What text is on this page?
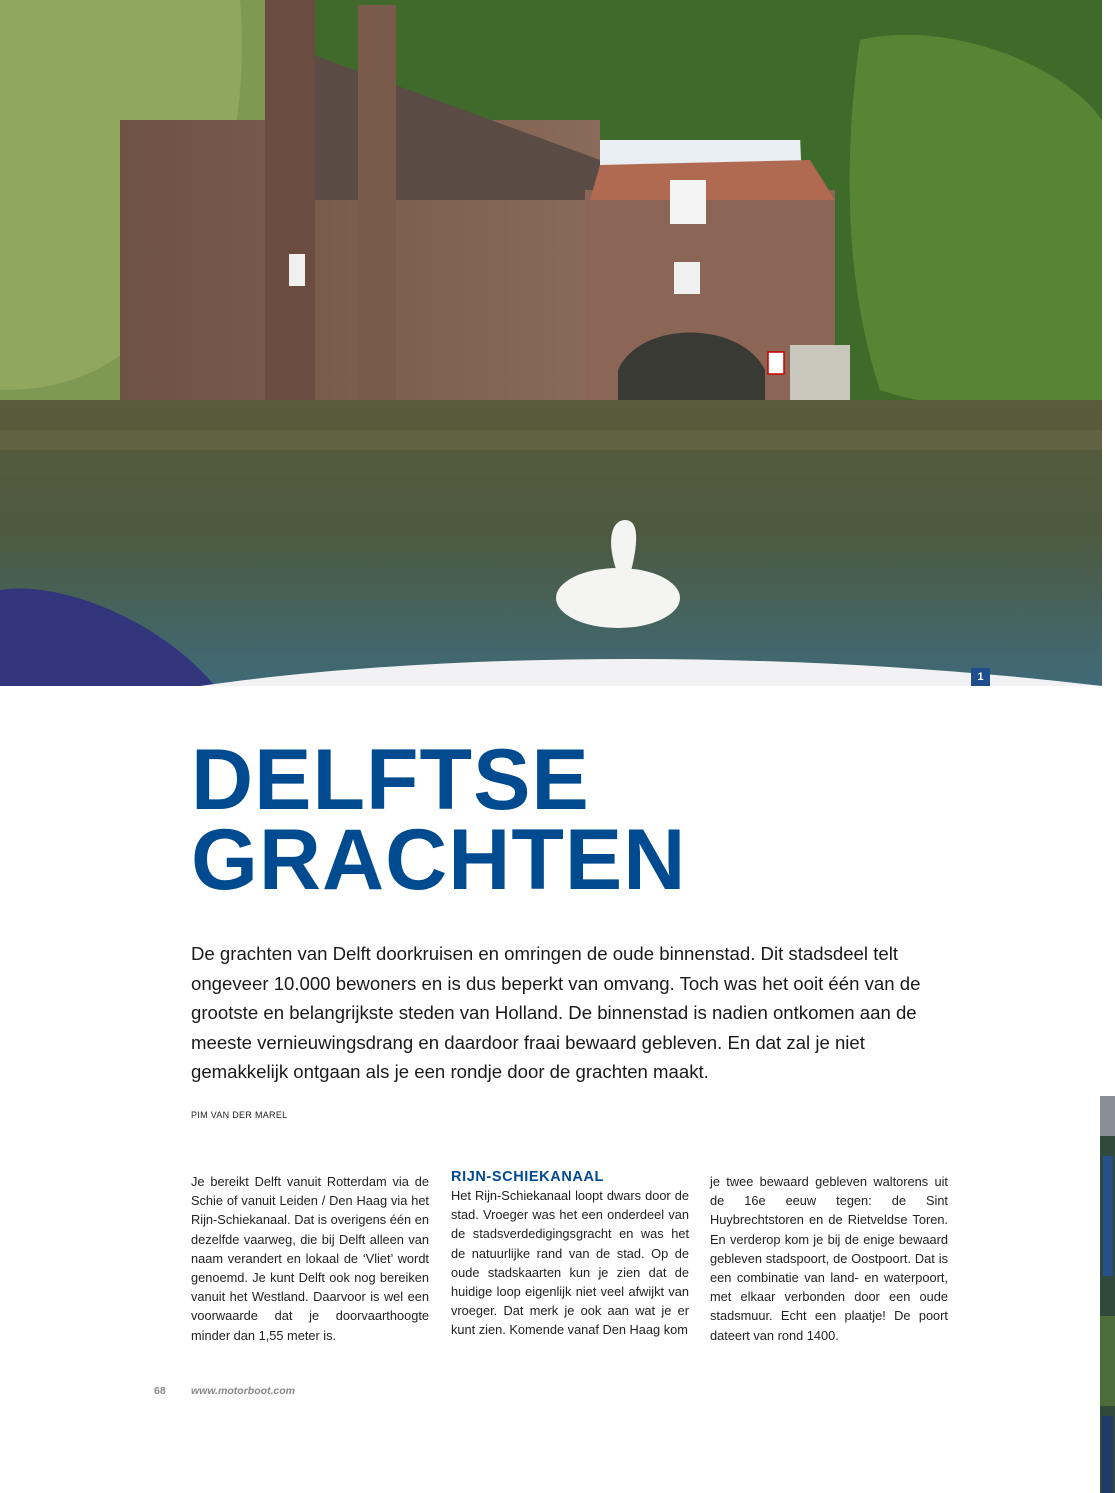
1
DELFTSE
GRACHTEN

De grachten van Delft doorkruisen en omringen de oude binnenstad. Dit stadsdeel telt ongeveer 10.000 bewoners en is dus beperkt van omvang. Toch was het ooit één van de grootste en belangrijkste steden van Holland. De binnenstad is nadien ontkomen aan de meeste vernieuwingsdrang en daardoor fraai bewaard gebleven. En dat zal je niet gemakkelijk ontgaan als je een rondje door de grachten maakt.

PIM VAN DER MAREL

Je bereikt Delft vanuit Rotterdam via de Schie of vanuit Leiden / Den Haag via het Rijn-Schiekanaal. Dat is overigens één en dezelfde vaarweg, die bij Delft alleen van naam verandert en lokaal de ‘Vliet’ wordt genoemd. Je kunt Delft ook nog bereiken vanuit het Westland. Daarvoor is wel een voorwaarde dat je doorvaarthoogte minder dan 1,55 meter is.

RIJN-SCHIEKANAAL
Het Rijn-Schiekanaal loopt dwars door de stad. Vroeger was het een onderdeel van de stadsverdedigingsgracht en was het de natuurlijke rand van de stad. Op de oude stadskaarten kun je zien dat de huidige loop eigenlijk niet veel afwijkt van vroeger. Dat merk je ook aan wat je er kunt zien. Komende vanaf Den Haag kom

je twee bewaard gebleven waltorens uit de 16e eeuw tegen: de Sint Huybrechtstoren en de Rietveldse Toren. En verderop kom je bij de enige bewaard gebleven stadspoort, de Oostpoort. Dat is een combinatie van land- en waterpoort, met elkaar verbonden door een oude stadsmuur. Echt een plaatje! De poort dateert van rond 1400.

68 www.motorboot.com
